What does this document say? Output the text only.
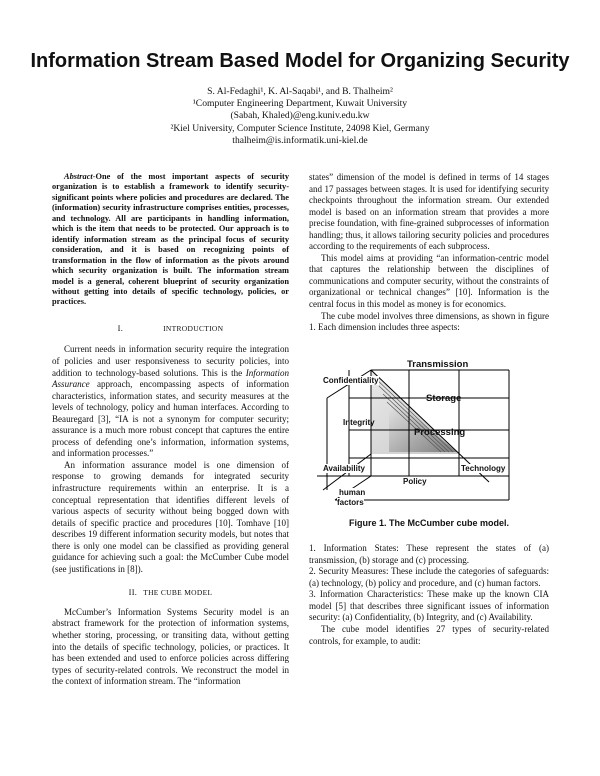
Information Stream Based Model for Organizing Security
S. Al-Fedaghi¹, K. Al-Saqabi¹, and B. Thalheim²
¹Computer Engineering Department, Kuwait University
(Sabah, Khaled)@eng.kuniv.edu.kw
²Kiel University, Computer Science Institute, 24098 Kiel, Germany
thalheim@is.informatik.uni-kiel.de

Abstract-One of the most important aspects of security organization is to establish a framework to identify security-significant points where policies and procedures are declared. The (information) security infrastructure comprises entities, processes, and technology. All are participants in handling information, which is the item that needs to be protected. Our approach is to identify information stream as the principal focus of security consideration, and it is based on recognizing points of transformation in the flow of information as the pivots around which security organization is built. The information stream model is a general, coherent blueprint of security organization without getting into details of specific technology, policies, or practices.

I.	INTRODUCTION

Current needs in information security require the integration of policies and user responsiveness to security policies, into addition to technology-based solutions. This is the Information Assurance approach, encompassing aspects of information characteristics, information states, and security measures at the levels of technology, policy and human interfaces. According to Beauregard [3], “IA is not a synonym for computer security; assurance is a much more robust concept that captures the entire process of defending one’s information, information systems, and information processes.”

An information assurance model is one dimension of response to growing demands for integrated security infrastructure requirements within an enterprise. It is a conceptual representation that identifies different levels of various aspects of security without being bogged down with details of specific practice and procedures [10]. Tomhave [10] describes 19 different information security models, but notes that there is only one model can be classified as providing general guidance for achieving such a goal: the McCumber Cube model (see justifications in [8]).

II. THE CUBE MODEL

McCumber’s Information Systems Security model is an abstract framework for the protection of information systems, whether storing, processing, or transiting data, without getting into the details of specific technology, policies, or practices. It has been extended and used to enforce policies across differing types of security-related controls. We reconstruct the model in the context of information stream. The “information

states” dimension of the model is defined in terms of 14 stages and 17 passages between stages. It is used for identifying security checkpoints throughout the information stream. Our extended model is based on an information stream that provides a more precise foundation, with fine-grained subprocesses of information handling; thus, it allows tailoring security policies and procedures according to the requirements of each subprocess.

This model aims at providing “an information-centric model that captures the relationship between the disciplines of communications and computer security, without the constraints of organizational or technical changes” [10]. Information is the central focus in this model as money is for economics.

The cube model involves three dimensions, as shown in figure 1. Each dimension includes three aspects:

Transmission
Confidentiality
Storage
Integrity
Processing
Availability	Technology
Policy
human
factors
Figure 1. The McCumber cube model.

1. Information States: These represent the states of (a) transmission, (b) storage and (c) processing.

2. Security Measures: These include the categories of safeguards: (a) technology, (b) policy and procedure, and (c) human factors.

3. Information Characteristics: These make up the known CIA model [5] that describes three significant issues of information security: (a) Confidentiality, (b) Integrity, and (c) Availability.

The cube model identifies 27 types of security-related controls, for example, to audit:
